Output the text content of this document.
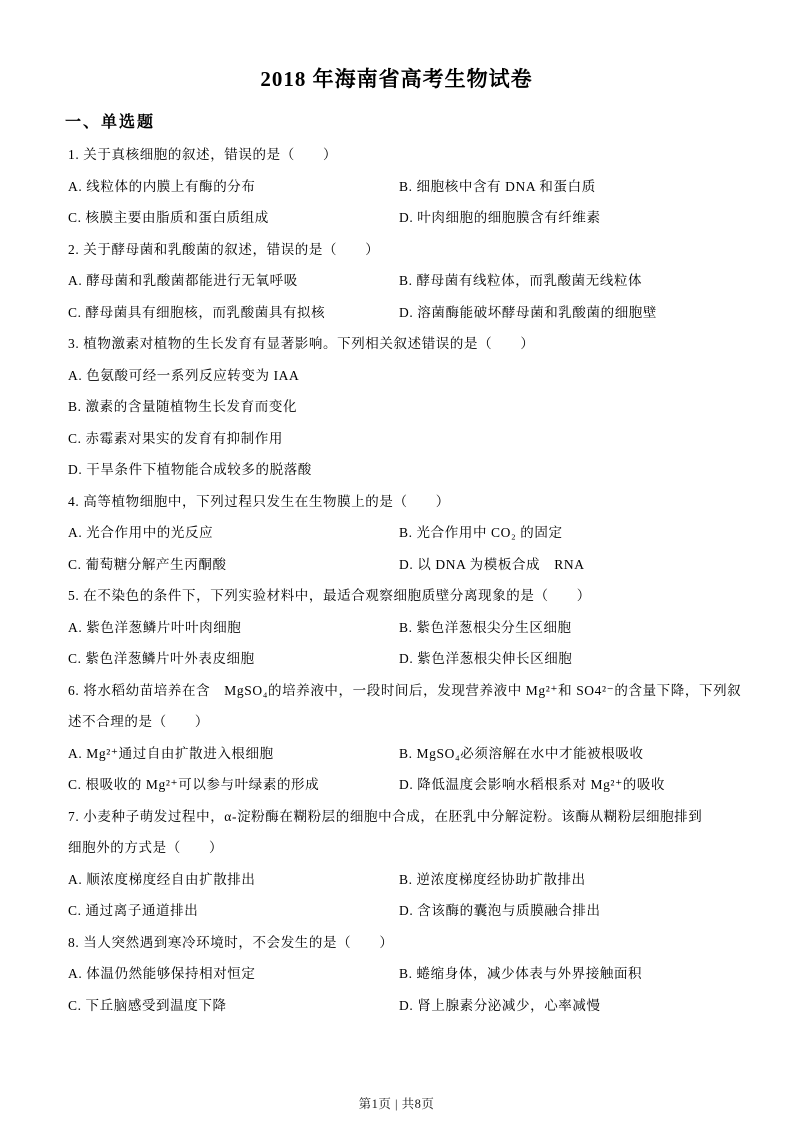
2018 年海南省高考生物试卷
一、单选题
1. 关于真核细胞的叙述，错误的是（　　）
A. 线粒体的内膜上有酶的分布	B. 细胞核中含有 DNA 和蛋白质
C. 核膜主要由脂质和蛋白质组成	D. 叶肉细胞的细胞膜含有纤维素
2. 关于酵母菌和乳酸菌的叙述，错误的是（　　）
A. 酵母菌和乳酸菌都能进行无氧呼吸	B. 酵母菌有线粒体，而乳酸菌无线粒体
C. 酵母菌具有细胞核，而乳酸菌具有拟核	D. 溶菌酶能破坏酵母菌和乳酸菌的细胞壁
3. 植物激素对植物的生长发育有显著影响。下列相关叙述错误的是（　　）
A. 色氨酸可经一系列反应转变为 IAA
B. 激素的含量随植物生长发育而变化
C. 赤霉素对果实的发育有抑制作用
D. 干旱条件下植物能合成较多的脱落酸
4. 高等植物细胞中，下列过程只发生在生物膜上的是（　　）
A. 光合作用中的光反应	B. 光合作用中 CO₂ 的固定
C. 葡萄糖分解产生丙酮酸	D. 以 DNA 为模板合成　RNA
5. 在不染色的条件下，下列实验材料中，最适合观察细胞质壁分离现象的是（　　）
A. 紫色洋葱鳞片叶叶肉细胞	B. 紫色洋葱根尖分生区细胞
C. 紫色洋葱鳞片叶外表皮细胞	D. 紫色洋葱根尖伸长区细胞
6. 将水稻幼苗培养在含　MgSO₄的培养液中，一段时间后，发现营养液中 Mg²⁺和 SO4²⁻的含量下降，下列叙
述不合理的是（　　）
A. Mg²⁺通过自由扩散进入根细胞	B. MgSO₄必须溶解在水中才能被根吸收
C. 根吸收的 Mg²⁺可以参与叶绿素的形成	D. 降低温度会影响水稻根系对 Mg²⁺的吸收
7. 小麦种子萌发过程中，α-淀粉酶在糊粉层的细胞中合成，在胚乳中分解淀粉。该酶从糊粉层细胞排到
细胞外的方式是（　　）
A. 顺浓度梯度经自由扩散排出	B. 逆浓度梯度经协助扩散排出
C. 通过离子通道排出	D. 含该酶的囊泡与质膜融合排出
8. 当人突然遇到寒冷环境时，不会发生的是（　　）
A. 体温仍然能够保持相对恒定	B. 蜷缩身体，减少体表与外界接触面积
C. 下丘脑感受到温度下降	D. 肾上腺素分泌减少，心率减慢
第1页 | 共8页
